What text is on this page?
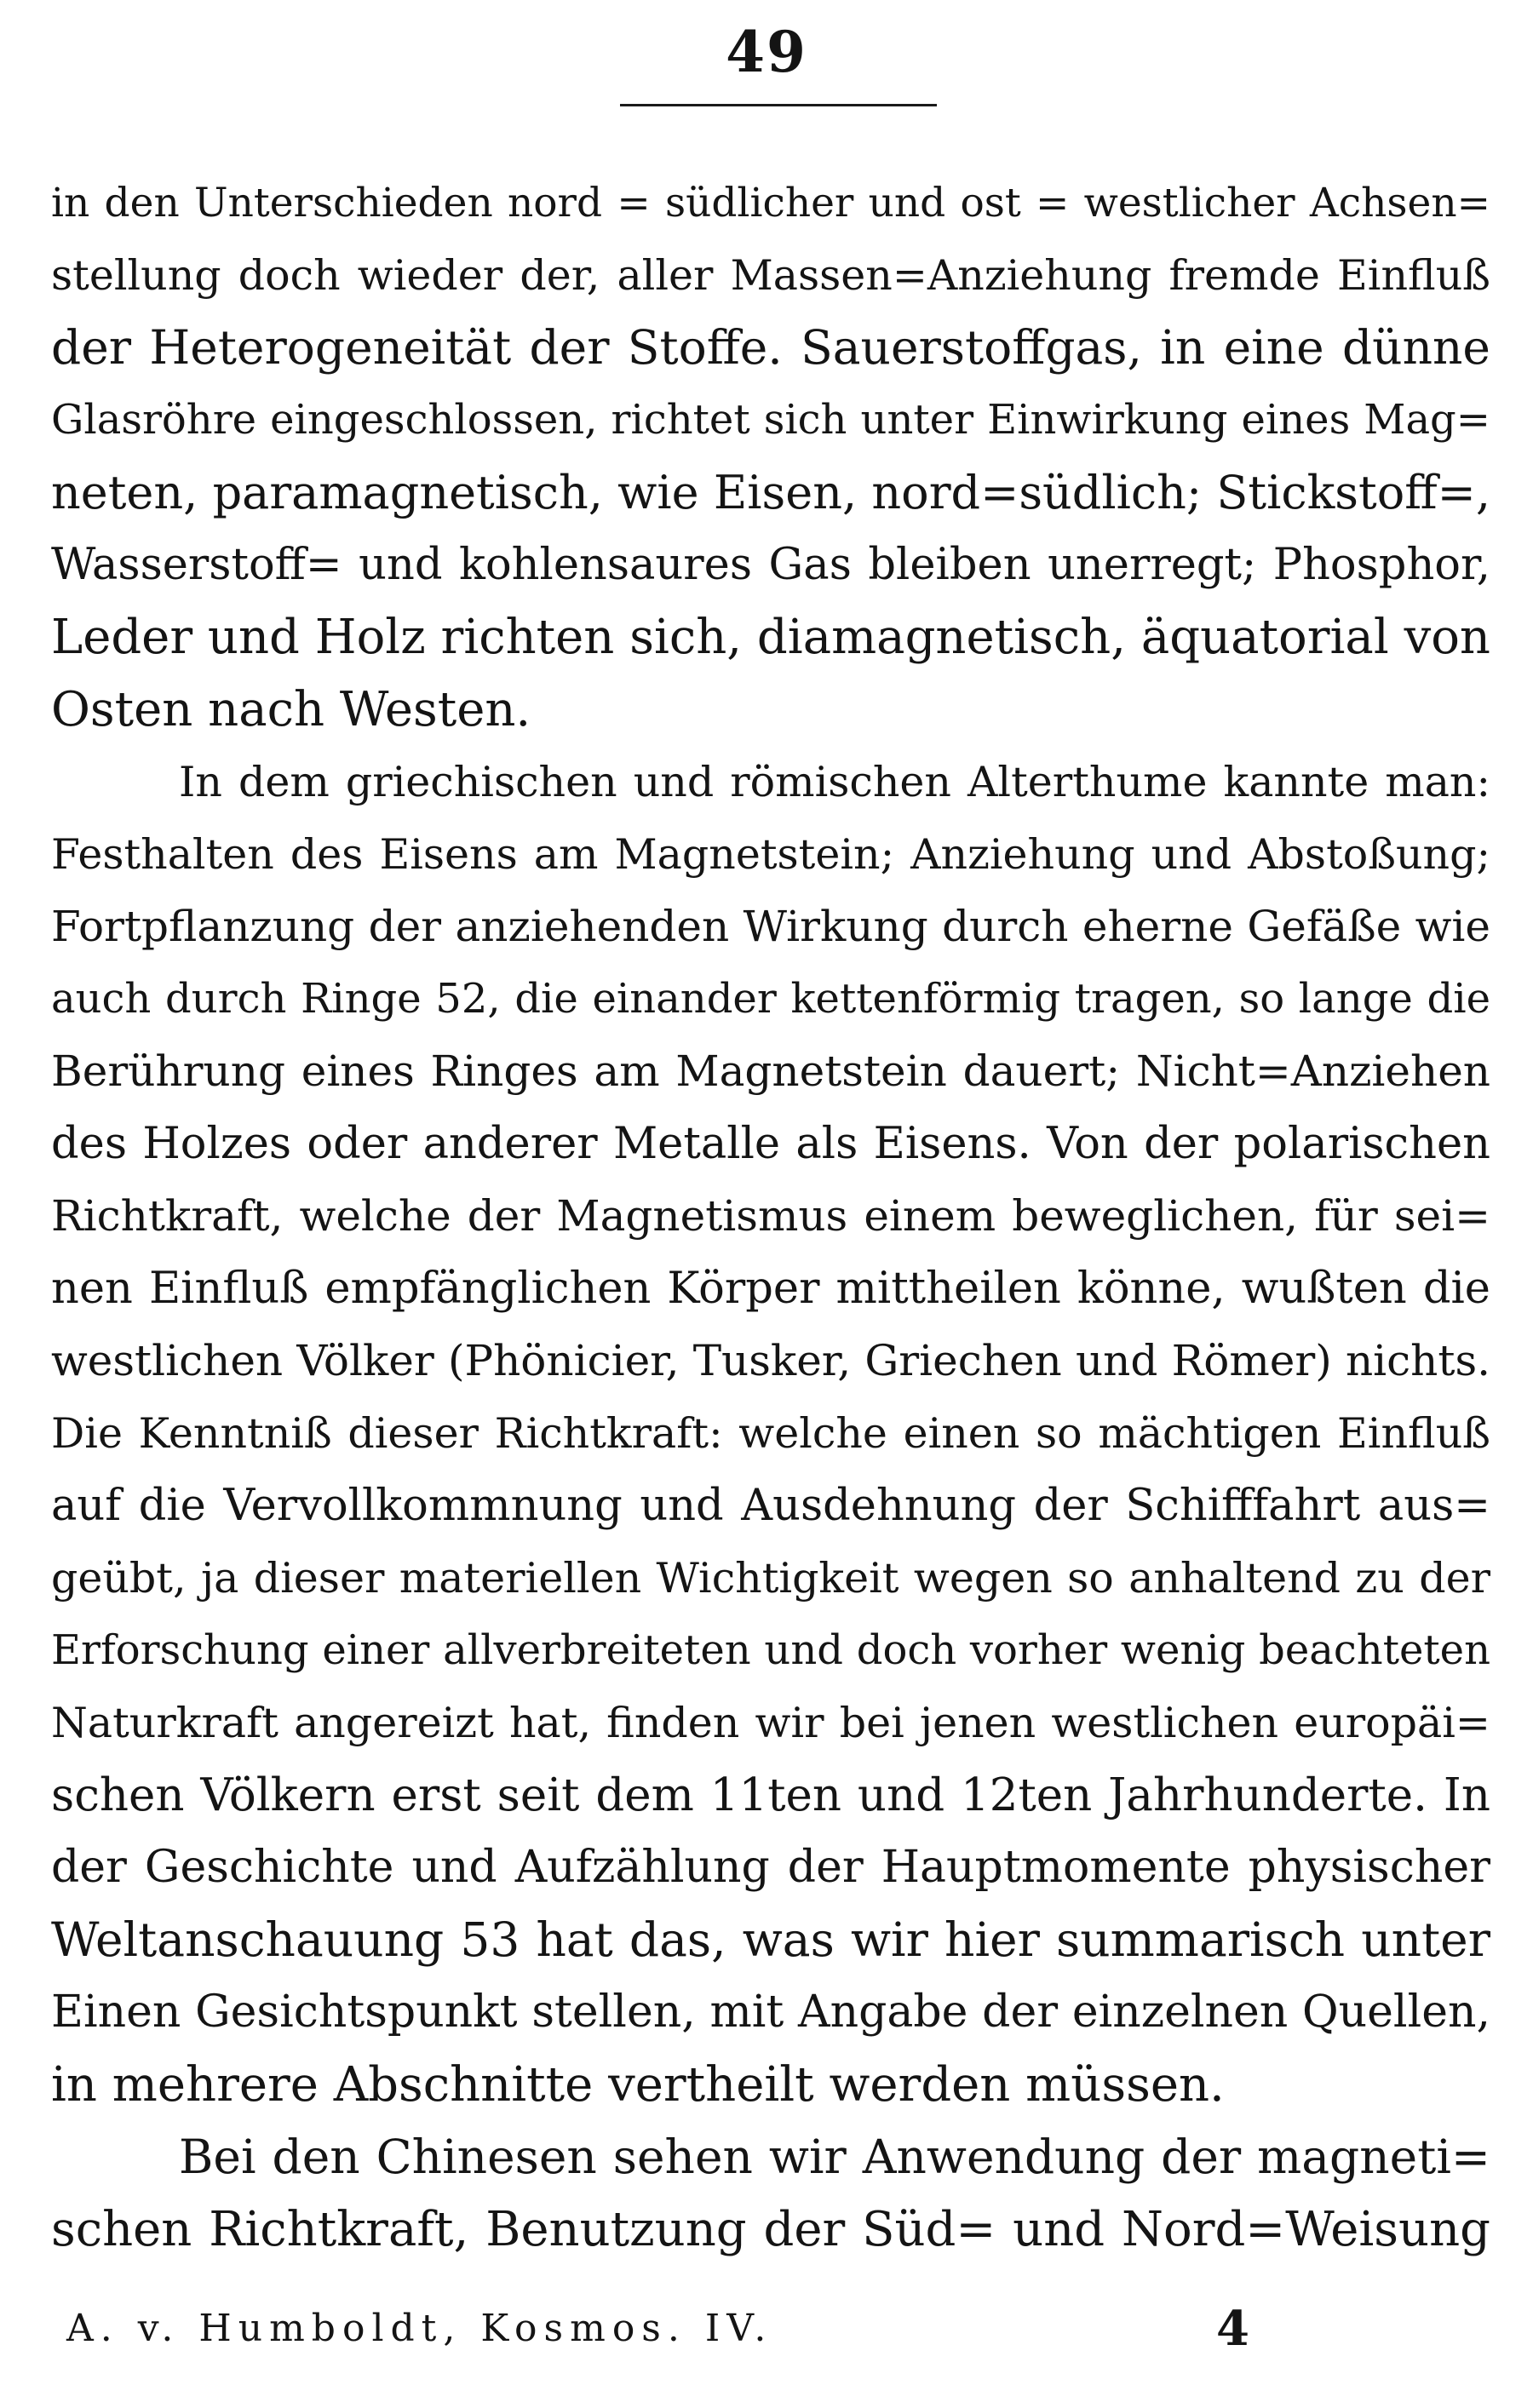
49
in den Unterschieden nord = südlicher und ost = westlicher Achsen=
stellung doch wieder der, aller Massen=Anziehung fremde Einfluß
der Heterogeneität der Stoffe. Sauerstoffgas, in eine dünne
Glasröhre eingeschlossen, richtet sich unter Einwirkung eines Mag=
neten, paramagnetisch, wie Eisen, nord=südlich; Stickstoff=,
Wasserstoff= und kohlensaures Gas bleiben unerregt; Phosphor,
Leder und Holz richten sich, diamagnetisch, äquatorial von
Osten nach Westen.
In dem griechischen und römischen Alterthume kannte man:
Festhalten des Eisens am Magnetstein; Anziehung und Abstoßung;
Fortpflanzung der anziehenden Wirkung durch eherne Gefäße wie
auch durch Ringe 52, die einander kettenförmig tragen, so lange die
Berührung eines Ringes am Magnetstein dauert; Nicht=Anziehen
des Holzes oder anderer Metalle als Eisens. Von der polarischen
Richtkraft, welche der Magnetismus einem beweglichen, für sei=
nen Einfluß empfänglichen Körper mittheilen könne, wußten die
westlichen Völker (Phönicier, Tusker, Griechen und Römer) nichts.
Die Kenntniß dieser Richtkraft: welche einen so mächtigen Einfluß
auf die Vervollkommnung und Ausdehnung der Schifffahrt aus=
geübt, ja dieser materiellen Wichtigkeit wegen so anhaltend zu der
Erforschung einer allverbreiteten und doch vorher wenig beachteten
Naturkraft angereizt hat, finden wir bei jenen westlichen europäi=
schen Völkern erst seit dem 11ten und 12ten Jahrhunderte. In
der Geschichte und Aufzählung der Hauptmomente physischer
Weltanschauung 53 hat das, was wir hier summarisch unter
Einen Gesichtspunkt stellen, mit Angabe der einzelnen Quellen,
in mehrere Abschnitte vertheilt werden müssen.
Bei den Chinesen sehen wir Anwendung der magneti=
schen Richtkraft, Benutzung der Süd= und Nord=Weisung
A. v. Humboldt, Kosmos. IV.	4
